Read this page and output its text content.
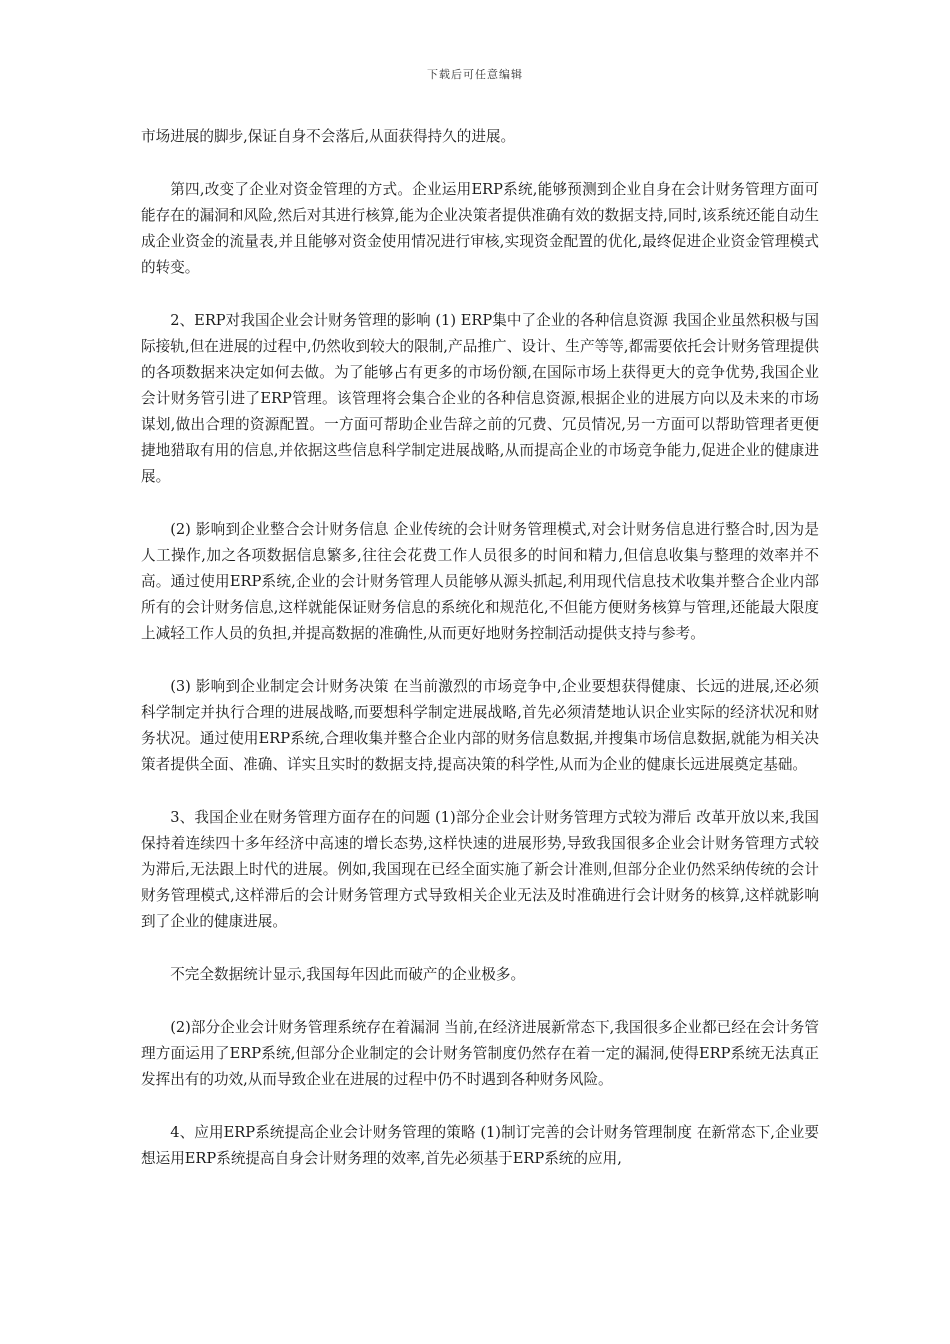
下载后可任意编辑

市场进展的脚步,保证自身不会落后,从面获得持久的进展。

第四,改变了企业对资金管理的方式。企业运用ERP系统,能够预测到企业自身在会计财务管理方面可能存在的漏洞和风险,然后对其进行核算,能为企业决策者提供准确有效的数据支持,同时,该系统还能自动生成企业资金的流量表,并且能够对资金使用情况进行审核,实现资金配置的优化,最终促进企业资金管理模式的转变。

2、ERP对我国企业会计财务管理的影响 (1) ERP集中了企业的各种信息资源 我国企业虽然积极与国际接轨,但在进展的过程中,仍然收到较大的限制,产品推广、设计、生产等等,都需要依托会计财务管理提供的各项数据来决定如何去做。为了能够占有更多的市场份额,在国际市场上获得更大的竞争优势,我国企业会计财务管引进了ERP管理。该管理将会集合企业的各种信息资源,根据企业的进展方向以及未来的市场谋划,做出合理的资源配置。一方面可帮助企业告辞之前的冗费、冗员情况,另一方面可以帮助管理者更便捷地猎取有用的信息,并依据这些信息科学制定进展战略,从而提高企业的市场竞争能力,促进企业的健康进展。

(2) 影响到企业整合会计财务信息 企业传统的会计财务管理模式,对会计财务信息进行整合时,因为是人工操作,加之各项数据信息繁多,往往会花费工作人员很多的时间和精力,但信息收集与整理的效率并不高。通过使用ERP系统,企业的会计财务管理人员能够从源头抓起,利用现代信息技术收集并整合企业内部所有的会计财务信息,这样就能保证财务信息的系统化和规范化,不但能方便财务核算与管理,还能最大限度上减轻工作人员的负担,并提高数据的准确性,从而更好地财务控制活动提供支持与参考。

(3) 影响到企业制定会计财务决策 在当前激烈的市场竞争中,企业要想获得健康、长远的进展,还必须科学制定并执行合理的进展战略,而要想科学制定进展战略,首先必须清楚地认识企业实际的经济状况和财务状况。通过使用ERP系统,合理收集并整合企业内部的财务信息数据,并搜集市场信息数据,就能为相关决策者提供全面、准确、详实且实时的数据支持,提高决策的科学性,从而为企业的健康长远进展奠定基础。

3、我国企业在财务管理方面存在的问题 (1)部分企业会计财务管理方式较为滞后 改革开放以来,我国保持着连续四十多年经济中高速的增长态势,这样快速的进展形势,导致我国很多企业会计财务管理方式较为滞后,无法跟上时代的进展。例如,我国现在已经全面实施了新会计准则,但部分企业仍然采纳传统的会计财务管理模式,这样滞后的会计财务管理方式导致相关企业无法及时准确进行会计财务的核算,这样就影响到了企业的健康进展。

不完全数据统计显示,我国每年因此而破产的企业极多。

(2)部分企业会计财务管理系统存在着漏洞 当前,在经济进展新常态下,我国很多企业都已经在会计务管理方面运用了ERP系统,但部分企业制定的会计财务管制度仍然存在着一定的漏洞,使得ERP系统无法真正发挥出有的功效,从而导致企业在进展的过程中仍不时遇到各种财务风险。

4、应用ERP系统提高企业会计财务管理的策略 (1)制订完善的会计财务管理制度 在新常态下,企业要想运用ERP系统提高自身会计财务理的效率,首先必须基于ERP系统的应用,
